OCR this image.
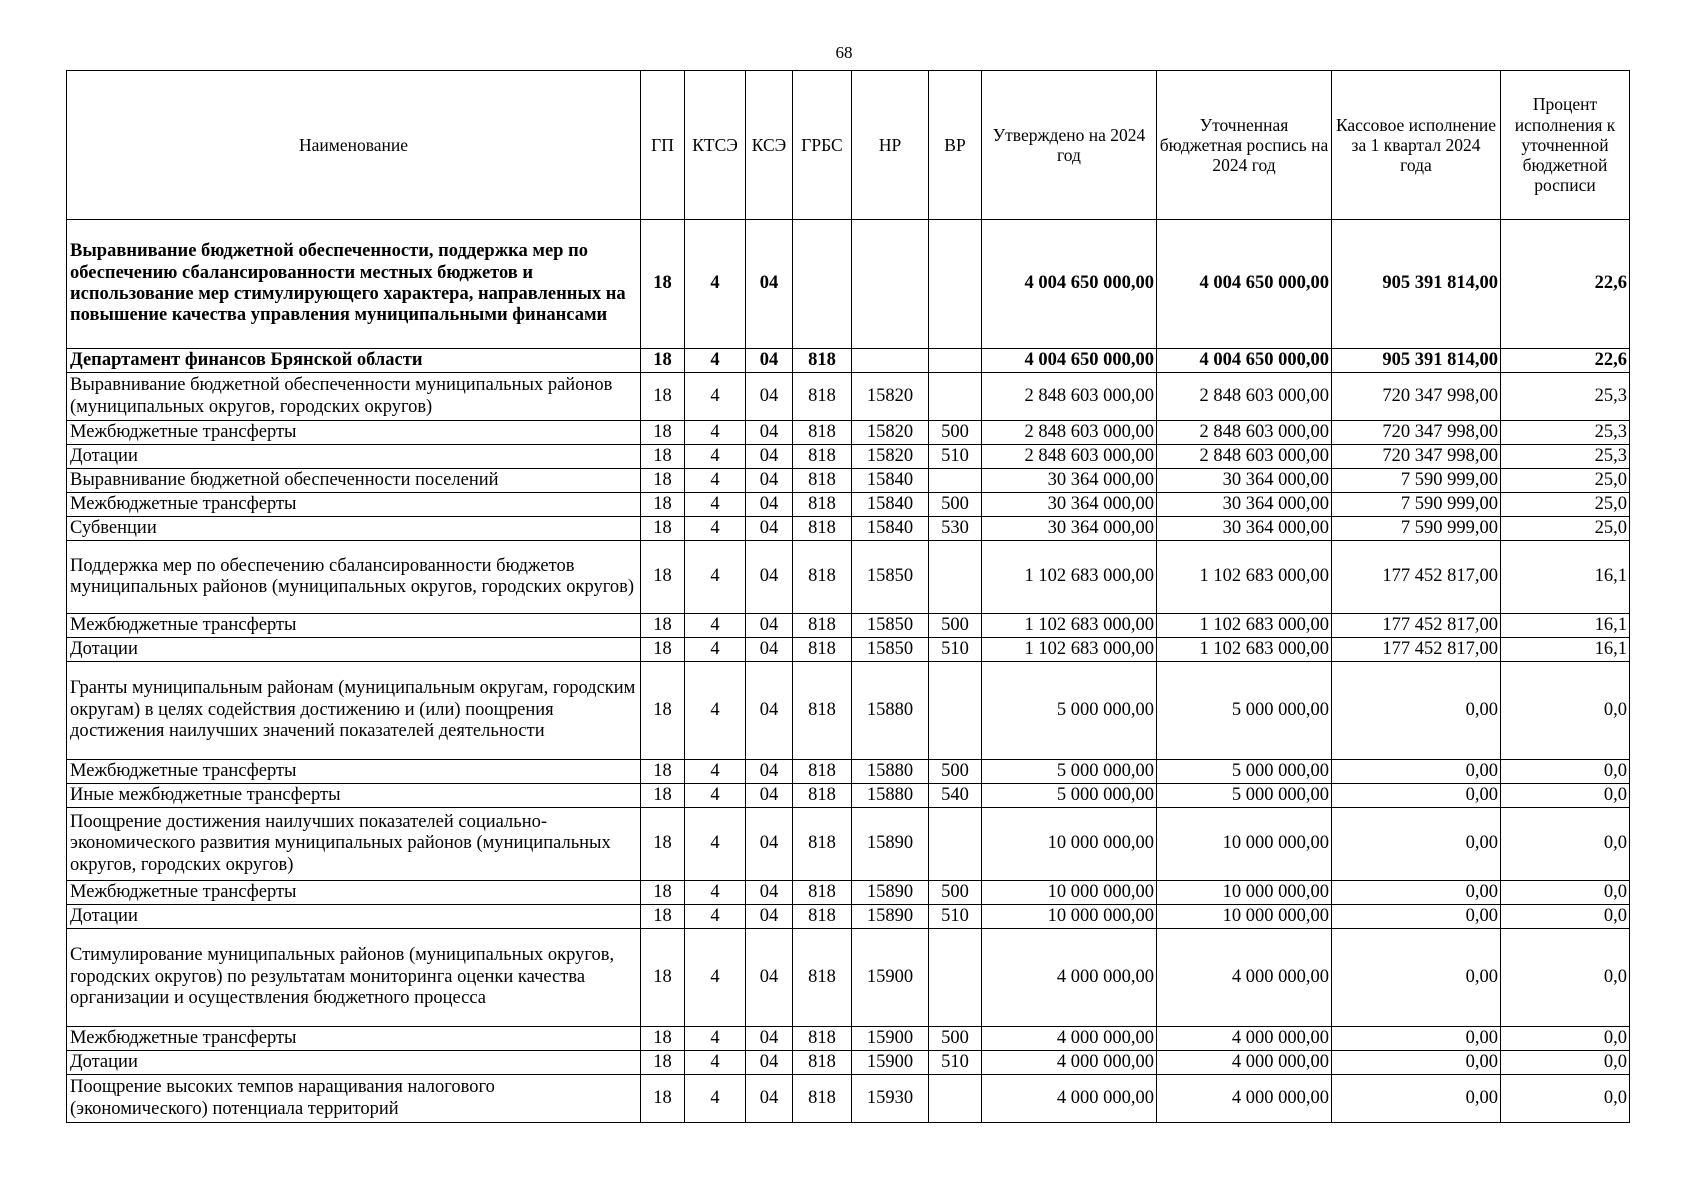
68
Наименование	ГП	КТСЭ	КСЭ	ГРБС	НР	ВР	Утверждено на 2024 год	Уточненная бюджетная роспись на 2024 год	Кассовое исполнение за 1 квартал 2024 года	Процент исполнения к уточненной бюджетной росписи
Выравнивание бюджетной обеспеченности, поддержка мер по обеспечению сбалансированности местных бюджетов и использование мер стимулирующего характера, направленных на повышение качества управления муниципальными финансами	18	4	04				4 004 650 000,00	4 004 650 000,00	905 391 814,00	22,6
Департамент финансов Брянской области	18	4	04	818			4 004 650 000,00	4 004 650 000,00	905 391 814,00	22,6
Выравнивание бюджетной обеспеченности муниципальных районов (муниципальных округов, городских округов)	18	4	04	818	15820		2 848 603 000,00	2 848 603 000,00	720 347 998,00	25,3
Межбюджетные трансферты	18	4	04	818	15820	500	2 848 603 000,00	2 848 603 000,00	720 347 998,00	25,3
Дотации	18	4	04	818	15820	510	2 848 603 000,00	2 848 603 000,00	720 347 998,00	25,3
Выравнивание бюджетной обеспеченности поселений	18	4	04	818	15840		30 364 000,00	30 364 000,00	7 590 999,00	25,0
Межбюджетные трансферты	18	4	04	818	15840	500	30 364 000,00	30 364 000,00	7 590 999,00	25,0
Субвенции	18	4	04	818	15840	530	30 364 000,00	30 364 000,00	7 590 999,00	25,0
Поддержка мер по обеспечению сбалансированности бюджетов муниципальных районов (муниципальных округов, городских округов)	18	4	04	818	15850		1 102 683 000,00	1 102 683 000,00	177 452 817,00	16,1
Межбюджетные трансферты	18	4	04	818	15850	500	1 102 683 000,00	1 102 683 000,00	177 452 817,00	16,1
Дотации	18	4	04	818	15850	510	1 102 683 000,00	1 102 683 000,00	177 452 817,00	16,1
Гранты муниципальным районам (муниципальным округам, городским округам) в целях содействия достижению и (или) поощрения достижения наилучших значений показателей деятельности	18	4	04	818	15880		5 000 000,00	5 000 000,00	0,00	0,0
Межбюджетные трансферты	18	4	04	818	15880	500	5 000 000,00	5 000 000,00	0,00	0,0
Иные межбюджетные трансферты	18	4	04	818	15880	540	5 000 000,00	5 000 000,00	0,00	0,0
Поощрение достижения наилучших показателей социально-экономического развития муниципальных районов (муниципальных округов, городских округов)	18	4	04	818	15890		10 000 000,00	10 000 000,00	0,00	0,0
Межбюджетные трансферты	18	4	04	818	15890	500	10 000 000,00	10 000 000,00	0,00	0,0
Дотации	18	4	04	818	15890	510	10 000 000,00	10 000 000,00	0,00	0,0
Стимулирование муниципальных районов (муниципальных округов, городских округов) по результатам мониторинга оценки качества организации и осуществления бюджетного процесса	18	4	04	818	15900		4 000 000,00	4 000 000,00	0,00	0,0
Межбюджетные трансферты	18	4	04	818	15900	500	4 000 000,00	4 000 000,00	0,00	0,0
Дотации	18	4	04	818	15900	510	4 000 000,00	4 000 000,00	0,00	0,0
Поощрение высоких темпов наращивания налогового (экономического) потенциала территорий	18	4	04	818	15930		4 000 000,00	4 000 000,00	0,00	0,0
